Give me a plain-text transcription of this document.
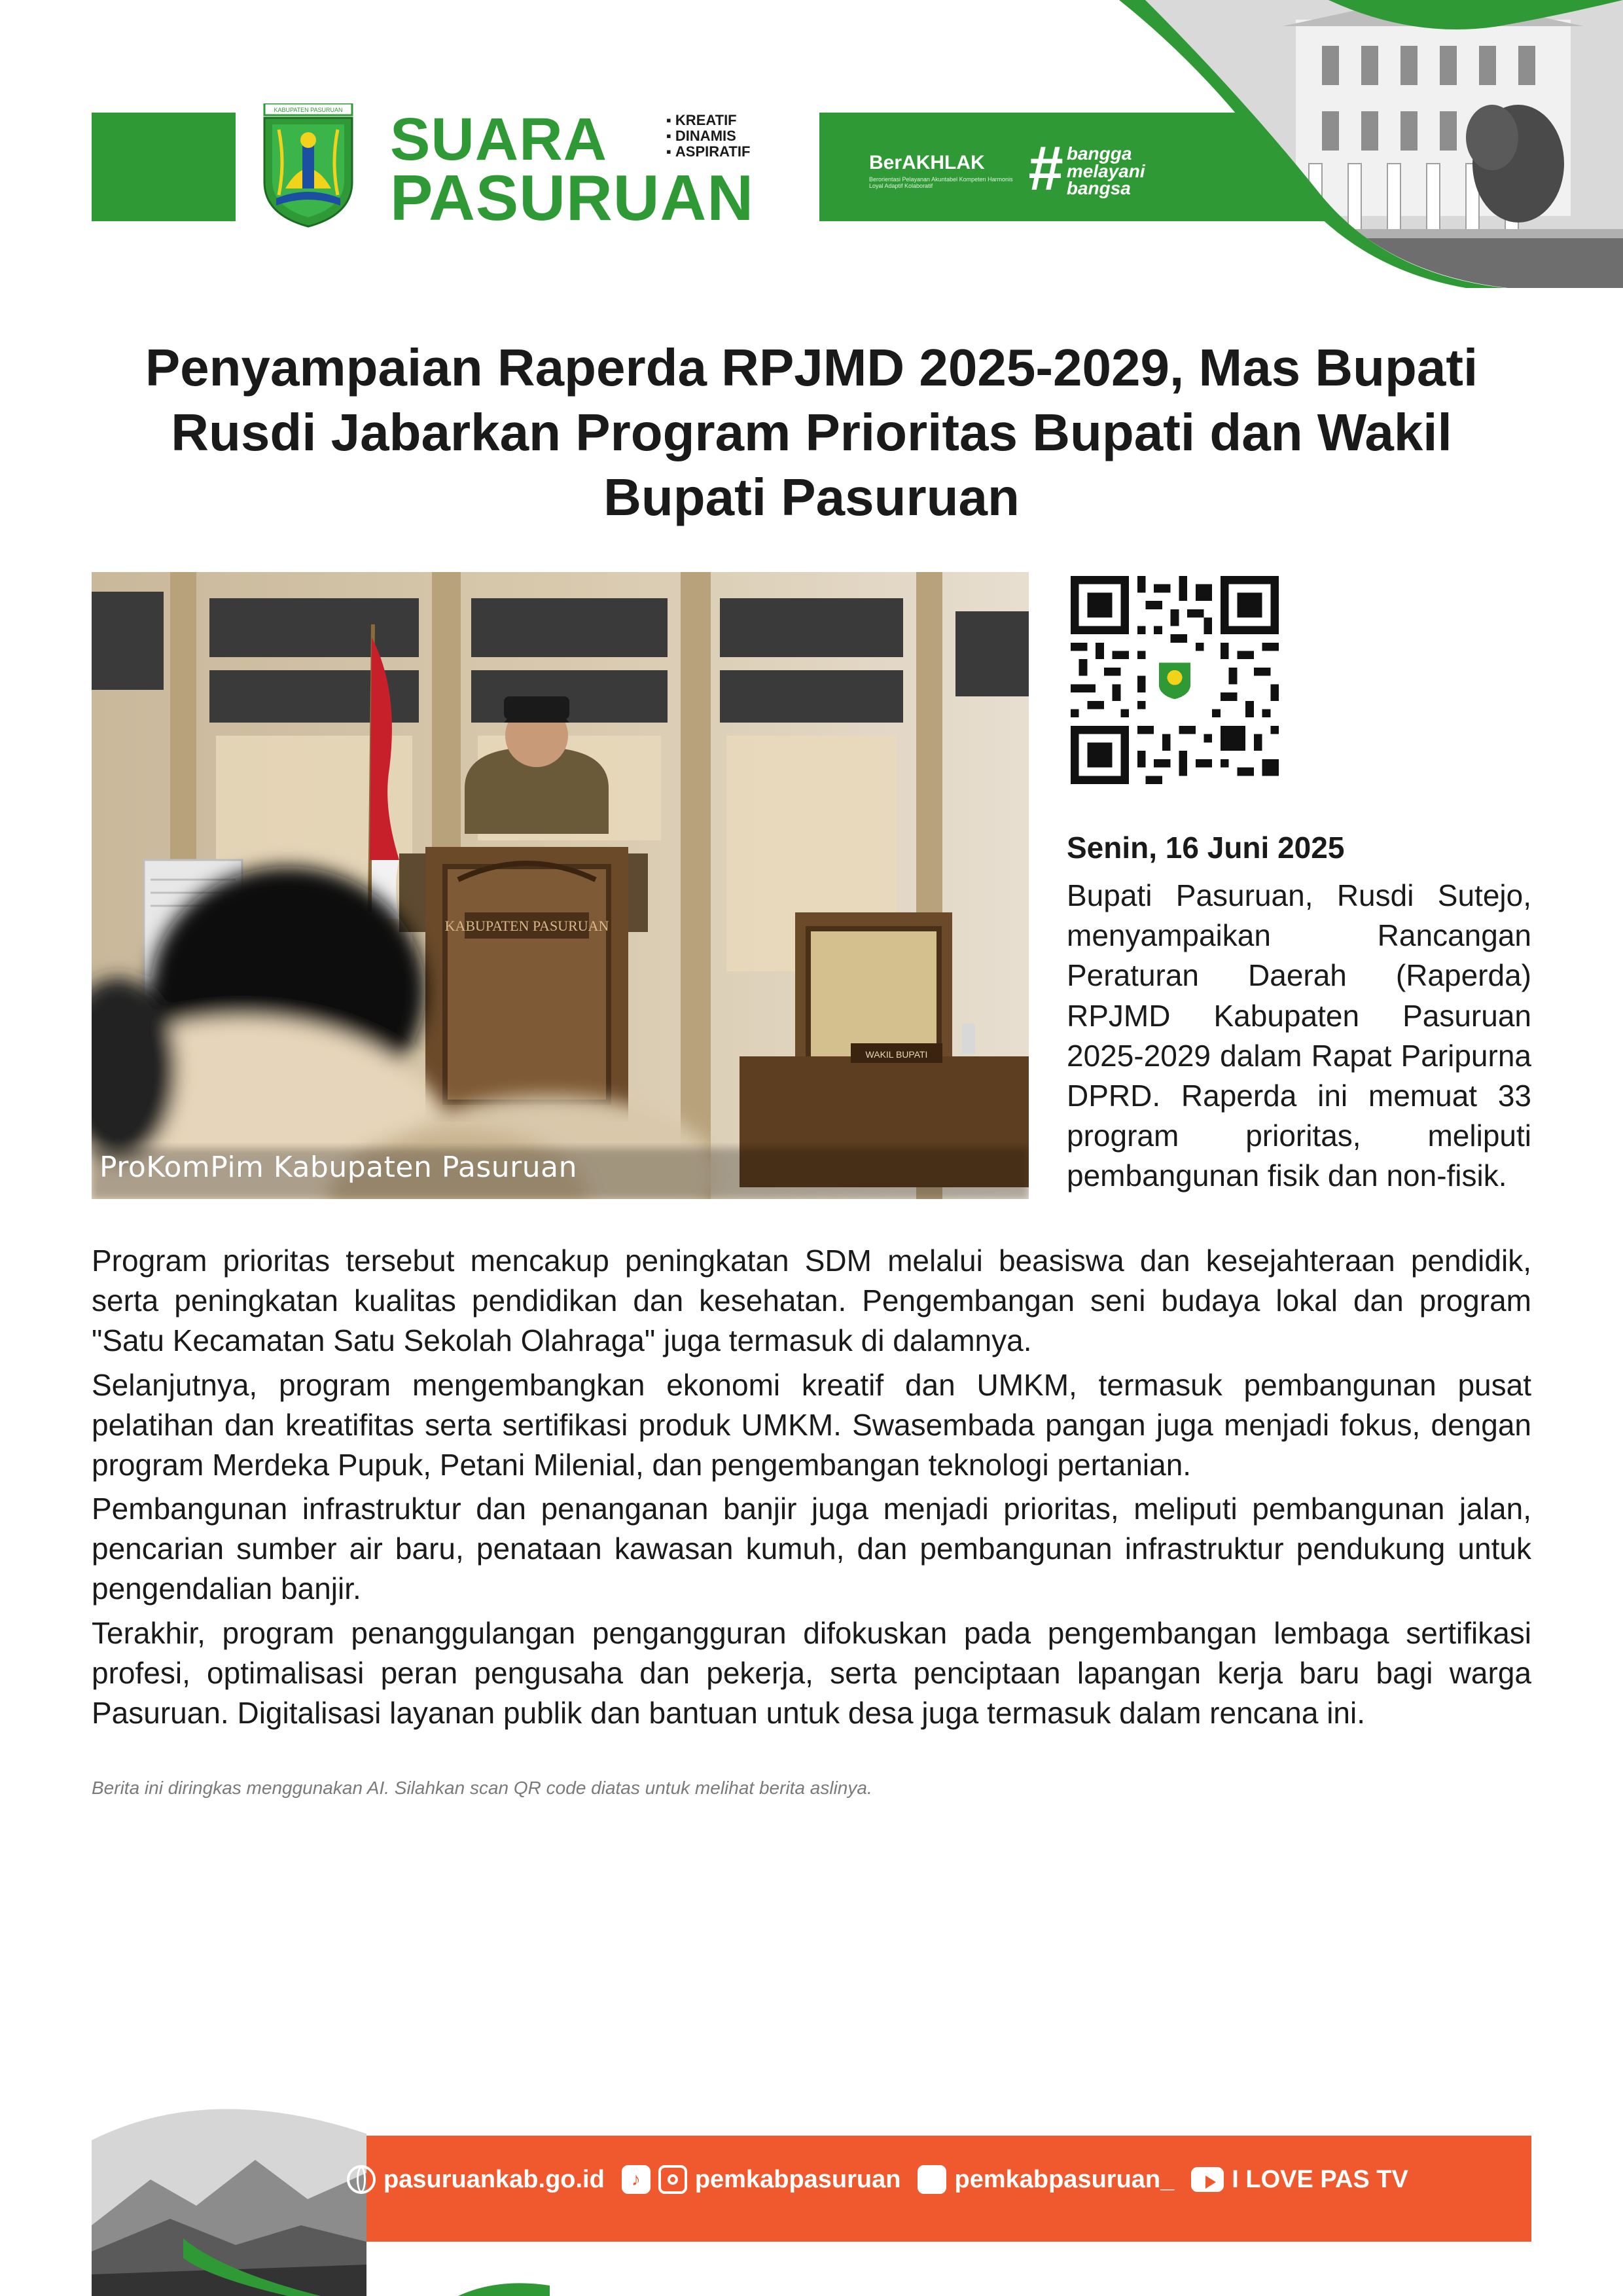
KABUPATEN PASURUAN SUARA
PASURUAN
▪ KREATIF
▪ DINAMIS
▪ ASPIRATIF
BerAKHLAK
Berorientasi Pelayanan Akuntabel Kompeten Harmonis Loyal Adaptif Kolaboratif	# bangga
melayani
bangsa
Penyampaian Raperda RPJMD 2025-2029, Mas Bupati Rusdi Jabarkan Program Prioritas Bupati dan Wakil Bupati Pasuruan
KABUPATEN PASURUAN
WAKIL BUPATI
ProKomPim Kabupaten Pasuruan
Senin, 16 Juni 2025

Bupati Pasuruan, Rusdi Sutejo, menyampaikan Rancangan Peraturan Daerah (Raperda) RPJMD Kabupaten Pasuruan 2025-2029 dalam Rapat Paripurna DPRD. Raperda ini memuat 33 program prioritas, meliputi pembangunan fisik dan non-fisik.

Program prioritas tersebut mencakup peningkatan SDM melalui beasiswa dan kesejahteraan pendidik, serta peningkatan kualitas pendidikan dan kesehatan. Pengembangan seni budaya lokal dan program "Satu Kecamatan Satu Sekolah Olahraga" juga termasuk di dalamnya.

Selanjutnya, program mengembangkan ekonomi kreatif dan UMKM, termasuk pembangunan pusat pelatihan dan kreatifitas serta sertifikasi produk UMKM. Swasembada pangan juga menjadi fokus, dengan program Merdeka Pupuk, Petani Milenial, dan pengembangan teknologi pertanian.

Pembangunan infrastruktur dan penanganan banjir juga menjadi prioritas, meliputi pembangunan jalan, pencarian sumber air baru, penataan kawasan kumuh, dan pembangunan infrastruktur pendukung untuk pengendalian banjir.

Terakhir, program penanggulangan pengangguran difokuskan pada pengembangan lembaga sertifikasi profesi, optimalisasi peran pengusaha dan pekerja, serta penciptaan lapangan kerja baru bagi warga Pasuruan. Digitalisasi layanan publik dan bantuan untuk desa juga termasuk dalam rencana ini.

Berita ini diringkas menggunakan AI. Silahkan scan QR code diatas untuk melihat berita aslinya.
pasuruankab.go.id	♪	pemkabpasuruan pemkabpasuruan_ I LOVE PAS TV
